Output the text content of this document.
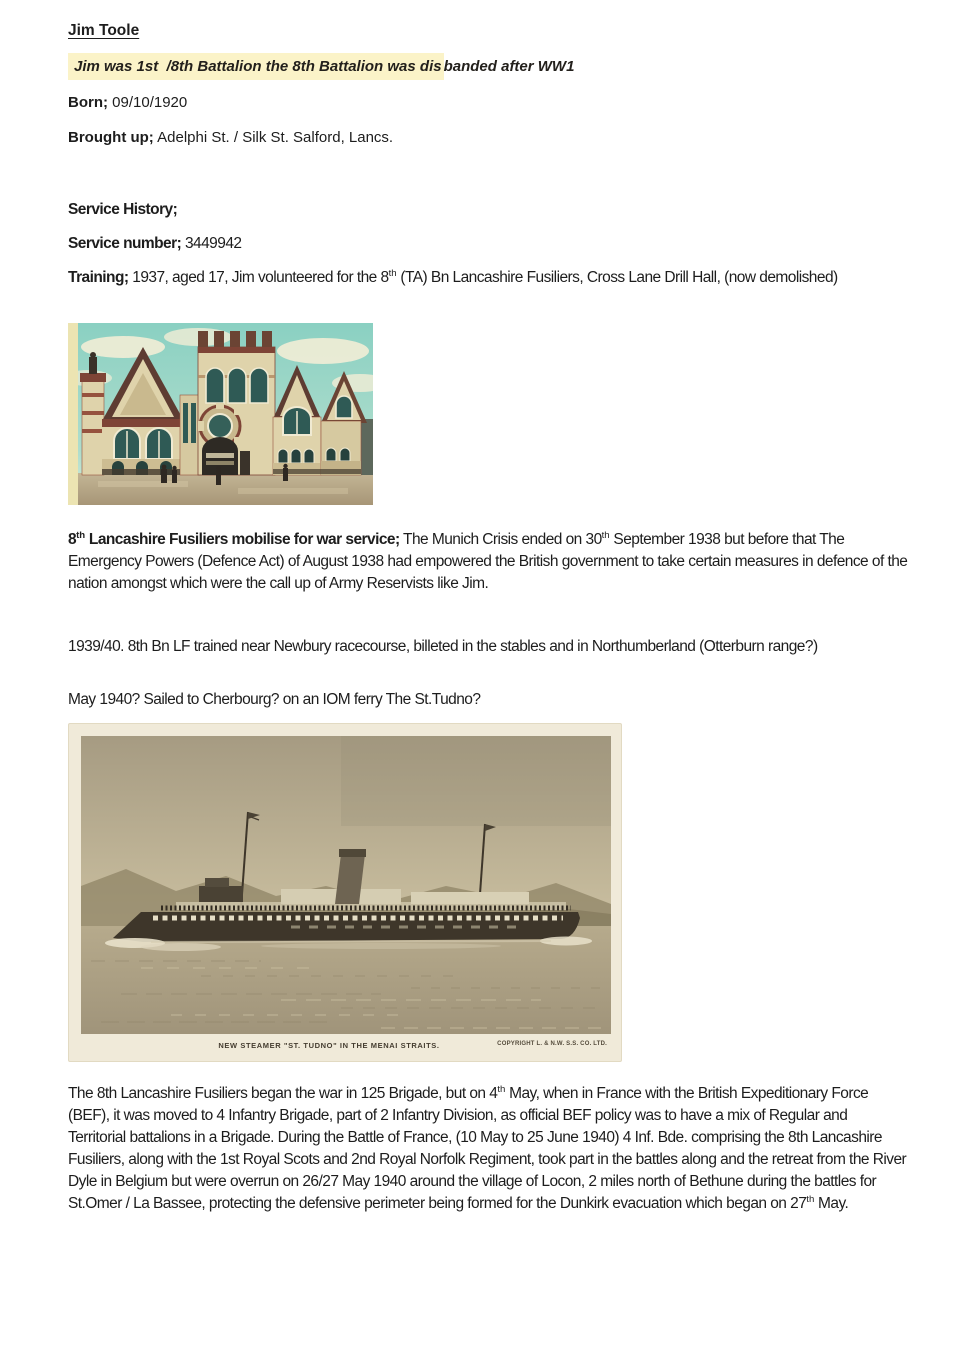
Jim Toole
Jim was 1st  /8th Battalion the 8th Battalion was dis banded after WW1
Born; 09/10/1920
Brought up; Adelphi St. / Silk St. Salford, Lancs.
Service History;
Service number; 3449942
Training; 1937, aged 17, Jim volunteered for the 8th (TA) Bn Lancashire Fusiliers, Cross Lane Drill Hall, (now demolished)
8th Lancashire Fusiliers mobilise for war service; The Munich Crisis ended on 30th September 1938 but before that The Emergency Powers (Defence Act) of August 1938 had empowered the British government to take certain measures in defence of the nation amongst which were the call up of Army Reservists like Jim.
1939/40. 8th Bn LF trained near Newbury racecourse, billeted in the stables and in Northumberland (Otterburn range?)
May 1940? Sailed to Cherbourg? on an IOM ferry The St.Tudno?
NEW STEAMER "ST. TUDNO" IN THE MENAI STRAITS.	COPYRIGHT L. & N.W. S.S. CO. LTD.
The 8th Lancashire Fusiliers began the war in 125 Brigade, but on 4th May, when in France with the British Expeditionary Force (BEF), it was moved to 4 Infantry Brigade, part of 2 Infantry Division, as official BEF policy was to have a mix of Regular and Territorial battalions in a Brigade. During the Battle of France, (10 May to 25 June 1940) 4 Inf. Bde. comprising the 8th Lancashire Fusiliers, along with the 1st Royal Scots and 2nd Royal Norfolk Regiment, took part in the battles along and the retreat from the River Dyle in Belgium but were overrun on 26/27 May 1940 around the village of Locon, 2 miles north of Bethune during the battles for St.Omer / La Bassee, protecting the defensive perimeter being formed for the Dunkirk evacuation which began on 27th May.
